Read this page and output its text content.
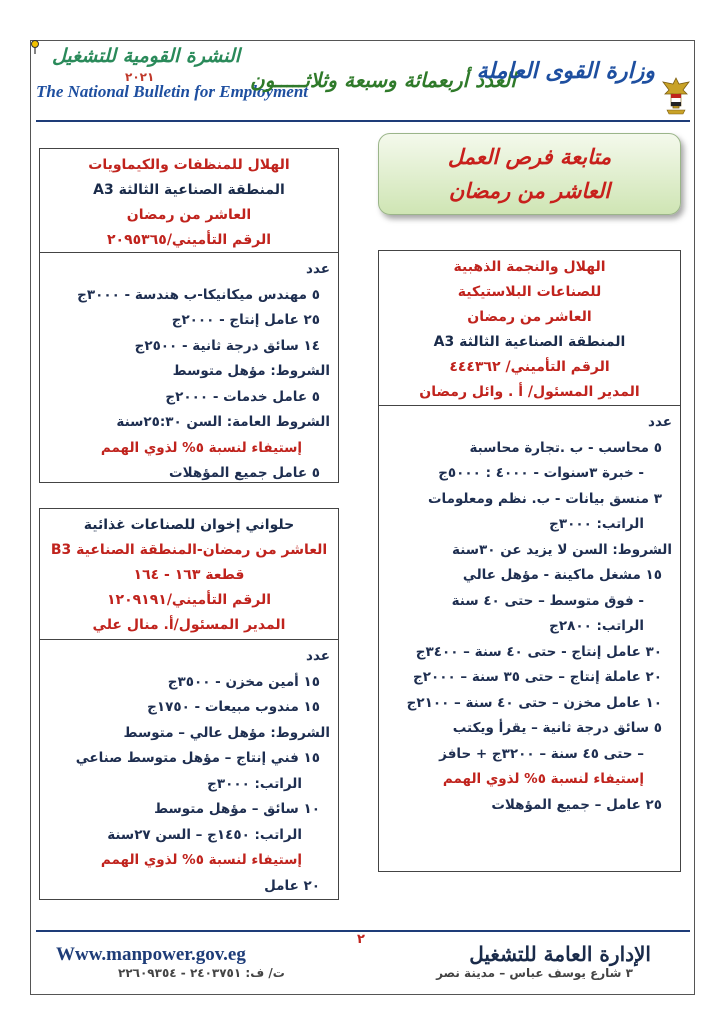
النشرة القومية للتشغيل
٢٠٢١
The National Bulletin for Employment
العدد أربعمائة وسبعة وثلاثـــــون
وزارة القوى العاملة
متابعة فرص العمل
العاشر من رمضان
الهلال للمنظفات والكيماويات
المنطقة الصناعية الثالثة A3
العاشر من رمضان
الرقم التأميني/٢٠٩٥٣٦٥
عدد
٥ مهندس ميكانيكا-ب هندسة - ٣٠٠٠ج
٢٥ عامل إنتاج - ٢٠٠٠ج
١٤ سائق درجة ثانية - ٢٥٠٠ج
الشروط: مؤهل متوسط
٥ عامل خدمات - ٢٠٠٠ج
الشروط العامة: السن ٢٥:٣٠سنة
إستيفاء لنسبة ٥% لذوي الهمم
٥ عامل جميع المؤهلات
حلواني إخوان للصناعات غذائية
العاشر من رمضان-المنطقة الصناعية B3
قطعة ١٦٣ - ١٦٤
الرقم التأميني/١٢٠٩١٩١
المدير المسئول/أ. منال علي
عدد
١٥ أمين مخزن - ٣٥٠٠ج
١٥ مندوب مبيعات - ١٧٥٠ج
الشروط: مؤهل عالي – متوسط
١٥ فني إنتاج – مؤهل متوسط صناعي
الراتب: ٣٠٠٠ج
١٠ سائق – مؤهل متوسط
الراتب: ١٤٥٠ج – السن ٢٧سنة
إستيفاء لنسبة ٥% لذوي الهمم
٢٠ عامل
الهلال والنجمة الذهبية
للصناعات البلاستيكية
العاشر من رمضان
المنطقة الصناعية الثالثة A3
الرقم التأميني/ ٤٤٤٣٦٢
المدير المسئول/ أ . وائل رمضان
عدد
٥ محاسب - ب .تجارة محاسبة
- خبرة ٣سنوات - ٤٠٠٠ : ٥٠٠٠ج
٣ منسق بيانات - ب. نظم ومعلومات
الراتب: ٣٠٠٠ج
الشروط: السن لا يزيد عن ٣٠سنة
١٥ مشغل ماكينة - مؤهل عالي
- فوق متوسط – حتى ٤٠ سنة
الراتب: ٢٨٠٠ج
٣٠ عامل إنتاج - حتى ٤٠ سنة – ٣٤٠٠ج
٢٠ عاملة إنتاج – حتى ٣٥ سنة – ٢٠٠٠ج
١٠ عامل مخزن – حتى ٤٠ سنة – ٢١٠٠ج
٥ سائق درجة ثانية – يقرأ ويكتب
– حتى ٤٥ سنة – ٣٢٠٠ج + حافز
إستيفاء لنسبة ٥% لذوي الهمم
٢٥ عامل – جميع المؤهلات
٢
Www.manpower.gov.eg
ت/ ف: ٢٤٠٣٧٥١ - ٢٢٦٠٩٣٥٤
الإدارة العامة للتشغيل
٣ شارع يوسف عباس – مدينة نصر
